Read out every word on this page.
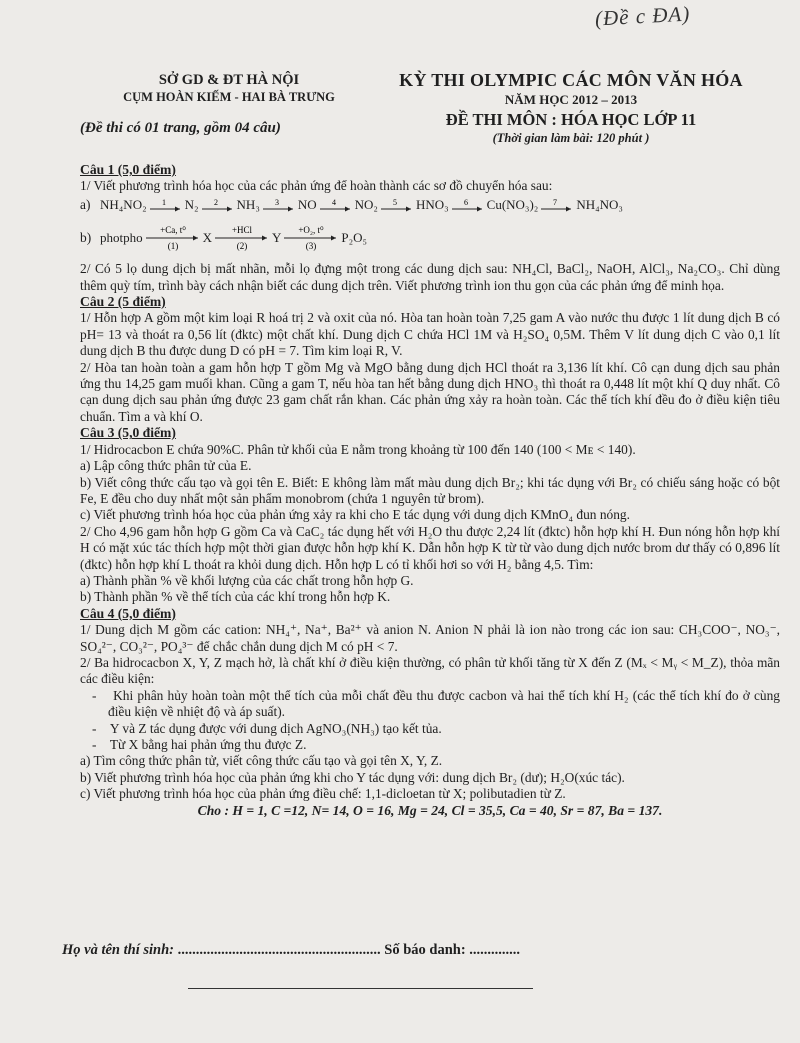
(Đề c ĐA)
SỞ GD & ĐT HÀ NỘI
CỤM HOÀN KIẾM - HAI BÀ TRƯNG
(Đề thi có 01 trang, gồm 04 câu)
KỲ THI OLYMPIC CÁC MÔN VĂN HÓA
NĂM HỌC 2012 – 2013
ĐỀ THI MÔN : HÓA HỌC LỚP 11
(Thời gian làm bài: 120 phút )

Câu 1 (5,0 điểm)

1/ Viết phương trình hóa học của các phản ứng để hoàn thành các sơ đồ chuyển hóa sau:

a) NH₄NO₂ 1 N₂ 2 NH₃ 3 NO 4 NO₂ 5 HNO₃ 6 Cu(NO₃)₂ 7 NH₄NO₃
b) photpho +Ca, t⁰
(1)
X +HCl
(2)
Y +O₂, t⁰
(3)
P₂O₅

2/ Có 5 lọ dung dịch bị mất nhãn, mỗi lọ đựng một trong các dung dịch sau: NH₄Cl, BaCl₂, NaOH, AlCl₃, Na₂CO₃. Chỉ dùng thêm quỳ tím, trình bày cách nhận biết các dung dịch trên. Viết phương trình ion thu gọn của các phản ứng để minh họa.

Câu 2 (5 điểm)

1/ Hỗn hợp A gồm một kim loại R hoá trị 2 và oxit của nó. Hòa tan hoàn toàn 7,25 gam A vào nước thu được 1 lít dung dịch B có pH= 13 và thoát ra 0,56 lít (đktc) một chất khí. Dung dịch C chứa HCl 1M và H₂SO₄ 0,5M. Thêm V lít dung dịch C vào 0,1 lít dung dịch B thu được dung D có pH = 7. Tìm kim loại R, V.

2/ Hòa tan hoàn toàn a gam hỗn hợp T gồm Mg và MgO bằng dung dịch HCl thoát ra 3,136 lít khí. Cô cạn dung dịch sau phản ứng thu 14,25 gam muối khan. Cũng a gam T, nếu hòa tan hết bằng dung dịch HNO₃ thì thoát ra 0,448 lít một khí Q duy nhất. Cô cạn dung dịch sau phản ứng được 23 gam chất rắn khan. Các phản ứng xảy ra hoàn toàn. Các thể tích khí đều đo ở điều kiện tiêu chuẩn. Tìm a và khí O.

Câu 3 (5,0 điểm)

1/ Hidrocacbon E chứa 90%C. Phân tử khối của E nằm trong khoảng từ 100 đến 140 (100 < Mᴇ < 140).

a) Lập công thức phân tử của E.

b) Viết công thức cấu tạo và gọi tên E. Biết: E không làm mất màu dung dịch Br₂; khi tác dụng với Br₂ có chiếu sáng hoặc có bột Fe, E đều cho duy nhất một sản phẩm monobrom (chứa 1 nguyên tử brom).

c) Viết phương trình hóa học của phản ứng xảy ra khi cho E tác dụng với dung dịch KMnO₄ đun nóng.

2/ Cho 4,96 gam hỗn hợp G gồm Ca và CaC₂ tác dụng hết với H₂O thu được 2,24 lít (đktc) hỗn hợp khí H. Đun nóng hỗn hợp khí H có mặt xúc tác thích hợp một thời gian được hỗn hợp khí K. Dẫn hỗn hợp K từ từ vào dung dịch nước brom dư thấy có 0,896 lít (đktc) hỗn hợp khí L thoát ra khỏi dung dịch. Hỗn hợp L có tỉ khối hơi so với H₂ bằng 4,5. Tìm:

a) Thành phần % về khối lượng của các chất trong hỗn hợp G.

b) Thành phần % về thể tích của các khí trong hỗn hợp K.

Câu 4 (5,0 điểm)

1/ Dung dịch M gồm các cation: NH₄⁺, Na⁺, Ba²⁺ và anion N. Anion N phải là ion nào trong các ion sau: CH₃COO⁻, NO₃⁻, SO₄²⁻, CO₃²⁻, PO₄³⁻ để chắc chắn dung dịch M có pH < 7.

2/ Ba hidrocacbon X, Y, Z mạch hở, là chất khí ở điều kiện thường, có phân tử khối tăng từ X đến Z (Mₓ < Mᵧ < M_Z), thỏa mãn các điều kiện:

-    Khi phân hủy hoàn toàn một thể tích của mỗi chất đều thu được cacbon và hai thể tích khí H₂ (các thể tích khí đo ở cùng điều kiện về nhiệt độ và áp suất).

-    Y và Z tác dụng được với dung dịch AgNO₃(NH₃) tạo kết tủa.

-    Từ X bằng hai phản ứng thu được Z.

a) Tìm công thức phân tử, viết công thức cấu tạo và gọi tên X, Y, Z.

b) Viết phương trình hóa học của phản ứng khi cho Y tác dụng với: dung dịch Br₂ (dư); H₂O(xúc tác).

c) Viết phương trình hóa học của phản ứng điều chế: 1,1-dicloetan từ X; polibutadien từ Z.

Cho : H = 1, C =12, N= 14, O = 16, Mg = 24, Cl = 35,5, Ca = 40, Sr = 87, Ba = 137.

Họ và tên thí sinh: ........................................................ Số báo danh: ..............
